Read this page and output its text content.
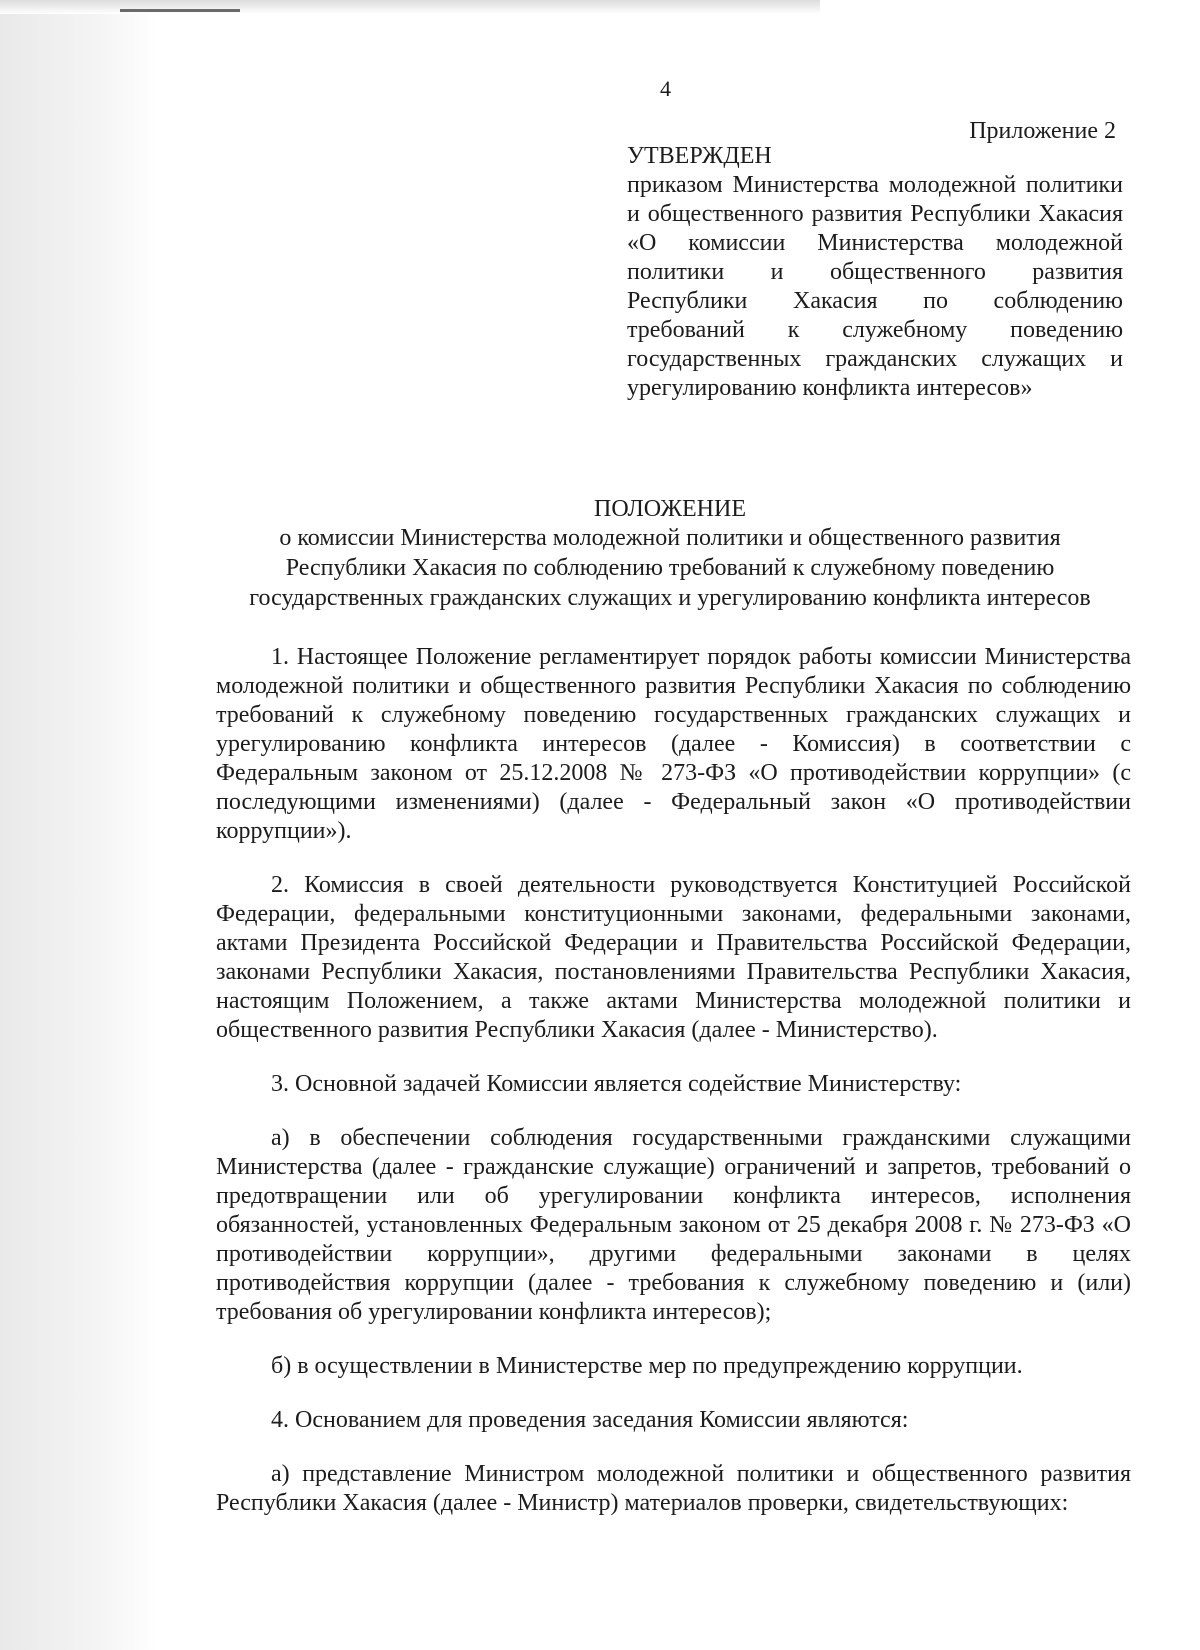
4
Приложение 2

УТВЕРЖДЕН

приказом Министерства молодежной политики и общественного развития Республики Хакасия «О комиссии Министерства молодежной политики и общественного развития Республики Хакасия по соблюдению требований к служебному поведению государственных гражданских служащих и урегулированию конфликта интересов»

ПОЛОЖЕНИЕ
о комиссии Министерства молодежной политики и общественного развития
Республики Хакасия по соблюдению требований к служебному поведению
государственных гражданских служащих и урегулированию конфликта интересов

1. Настоящее Положение регламентирует порядок работы комиссии Министерства молодежной политики и общественного развития Республики Хакасия по соблюдению требований к служебному поведению государственных гражданских служащих и урегулированию конфликта интересов (далее - Комиссия) в соответствии с Федеральным законом от 25.12.2008 № 273-ФЗ «О противодействии коррупции» (с последующими изменениями) (далее - Федеральный закон «О противодействии коррупции»).

2. Комиссия в своей деятельности руководствуется Конституцией Российской Федерации, федеральными конституционными законами, федеральными законами, актами Президента Российской Федерации и Правительства Российской Федерации, законами Республики Хакасия, постановлениями Правительства Республики Хакасия, настоящим Положением, а также актами Министерства молодежной политики и общественного развития Республики Хакасия (далее - Министерство).

3. Основной задачей Комиссии является содействие Министерству:

а) в обеспечении соблюдения государственными гражданскими служащими Министерства (далее - гражданские служащие) ограничений и запретов, требований о предотвращении или об урегулировании конфликта интересов, исполнения обязанностей, установленных Федеральным законом от 25 декабря 2008 г. № 273-ФЗ «О противодействии коррупции», другими федеральными законами в целях противодействия коррупции (далее - требования к служебному поведению и (или) требования об урегулировании конфликта интересов);

б) в осуществлении в Министерстве мер по предупреждению коррупции.

4. Основанием для проведения заседания Комиссии являются:

а) представление Министром молодежной политики и общественного развития Республики Хакасия (далее - Министр) материалов проверки, свидетельствующих:
